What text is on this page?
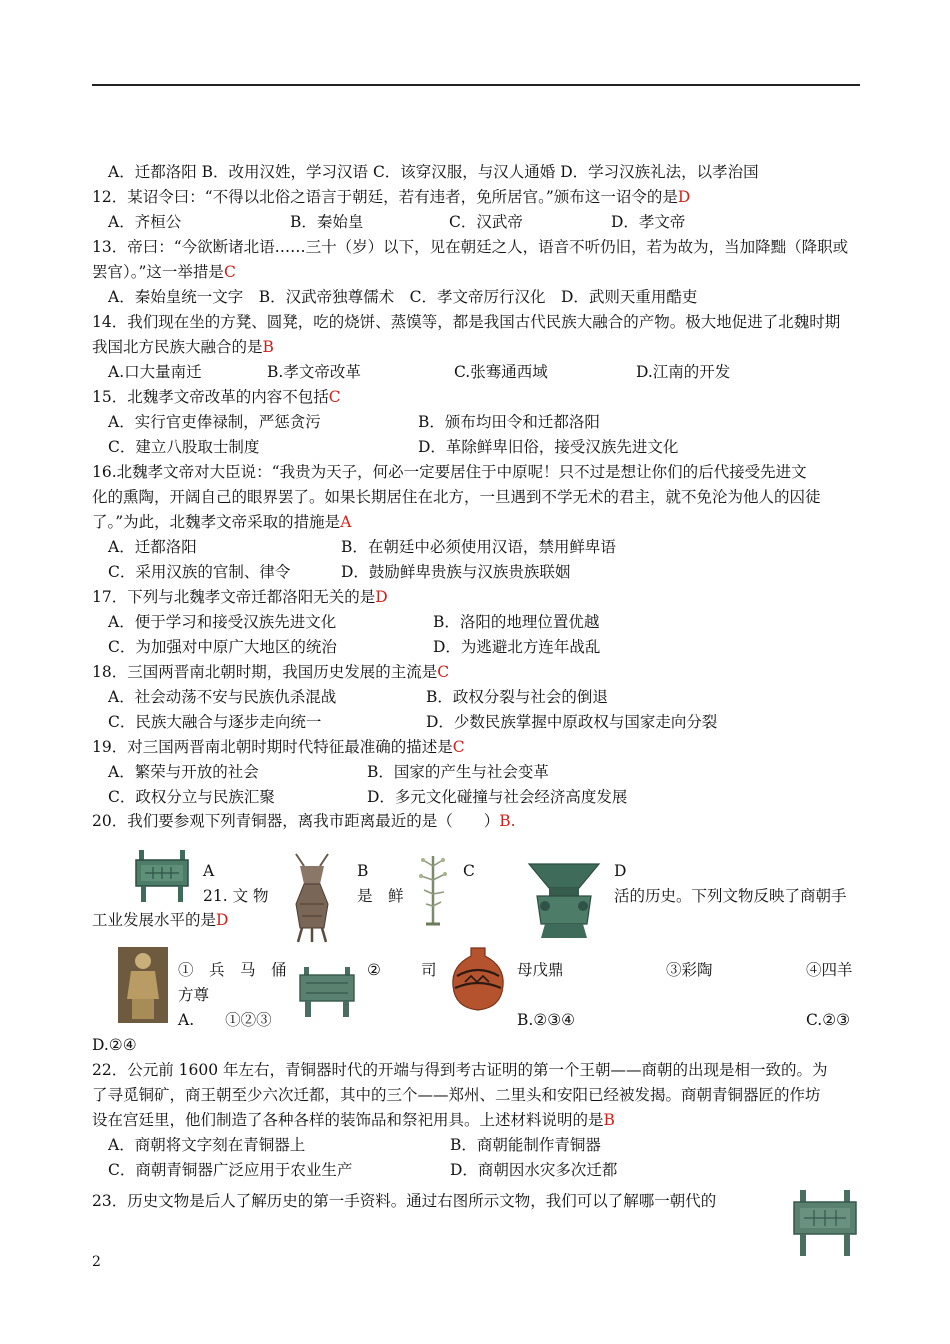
A．迁都洛阳 B．改用汉姓，学习汉语 C．该穿汉服，与汉人通婚 D．学习汉族礼法，以孝治国
12．某诏令曰：“不得以北俗之语言于朝廷，若有违者，免所居官。”颁布这一诏令的是D
A．齐桓公	B．秦始皇	C．汉武帝	D．孝文帝
13．帝曰：“今欲断诸北语……三十（岁）以下，见在朝廷之人，语音不听仍旧，若为故为，当加降黜（降职或
罢官）。”这一举措是C
A．秦始皇统一文字　B．汉武帝独尊儒术　C．孝文帝厉行汉化　D．武则天重用酷吏
14．我们现在坐的方凳、圆凳，吃的烧饼、蒸馍等，都是我国古代民族大融合的产物。极大地促进了北魏时期
我国北方民族大融合的是B
A.口大量南迁	B.孝文帝改革	C.张骞通西域	D.江南的开发
15．北魏孝文帝改革的内容不包括C
A．实行官吏俸禄制，严惩贪污	B．颁布均田令和迁都洛阳
C．建立八股取士制度	D．革除鲜卑旧俗，接受汉族先进文化
16.北魏孝文帝对大臣说：“我贵为天子，何必一定要居住于中原呢！只不过是想让你们的后代接受先进文
化的熏陶，开阔自己的眼界罢了。如果长期居住在北方，一旦遇到不学无术的君主，就不免沦为他人的囚徒
了。”为此，北魏孝文帝采取的措施是A
A．迁都洛阳	B．在朝廷中必须使用汉语，禁用鲜卑语
C．采用汉族的官制、律令	D．鼓励鲜卑贵族与汉族贵族联姻
17．下列与北魏孝文帝迁都洛阳无关的是D
A．便于学习和接受汉族先进文化	B．洛阳的地理位置优越
C．为加强对中原广大地区的统治	D．为逃避北方连年战乱
18．三国两晋南北朝时期，我国历史发展的主流是C
A．社会动荡不安与民族仇杀混战	B．政权分裂与社会的倒退
C．民族大融合与逐步走向统一	D．少数民族掌握中原政权与国家走向分裂
19．对三国两晋南北朝时期时代特征最准确的描述是C
A．繁荣与开放的社会	B．国家的产生与社会变革
C．政权分立与民族汇聚	D．多元文化碰撞与社会经济高度发展
20．我们要参观下列青铜器，离我市距离最近的是（　　）B.
A	B	C	D
21. 文 物	是　鲜	活的历史。下列文物反映了商朝手
工业发展水平的是D
①　兵　马　俑	②	司	母戊鼎	③彩陶	④四羊
方尊
A.　　①②③	B.②③④	C.②③
D.②④
22．公元前 1600 年左右，青铜器时代的开端与得到考古证明的第一个王朝——商朝的出现是相一致的。为
了寻觅铜矿，商王朝至少六次迁都，其中的三个——郑州、二里头和安阳已经被发揭。商朝青铜器匠的作坊
设在宫廷里，他们制造了各种各样的装饰品和祭祀用具。上述材料说明的是B
A．商朝将文字刻在青铜器上	B．商朝能制作青铜器
C．商朝青铜器广泛应用于农业生产	D．商朝因水灾多次迁都
23．历史文物是后人了解历史的第一手资料。通过右图所示文物，我们可以了解哪一朝代的
2
